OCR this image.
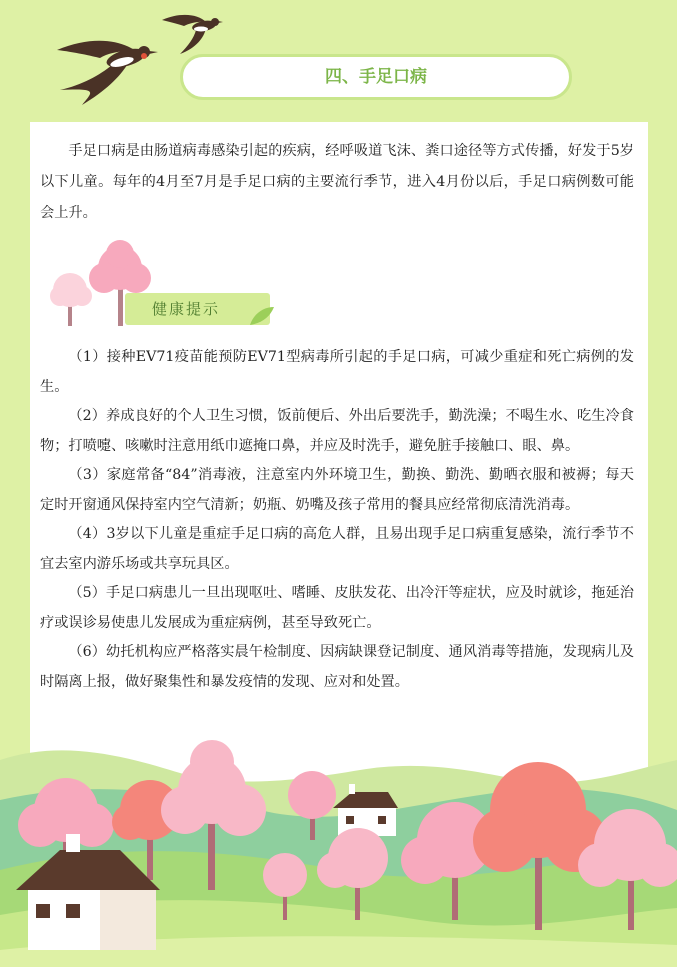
四、手足口病

手足口病是由肠道病毒感染引起的疾病，经呼吸道飞沫、粪口途径等方式传播，好发于5岁以下儿童。每年的4月至7月是手足口病的主要流行季节，进入4月份以后，手足口病例数可能会上升。

健康提示

（1）接种EV71疫苗能预防EV71型病毒所引起的手足口病，可减少重症和死亡病例的发生。

（2）养成良好的个人卫生习惯，饭前便后、外出后要洗手，勤洗澡；不喝生水、吃生冷食物；打喷嚏、咳嗽时注意用纸巾遮掩口鼻，并应及时洗手，避免脏手接触口、眼、鼻。

（3）家庭常备“84”消毒液，注意室内外环境卫生，勤换、勤洗、勤晒衣服和被褥；每天定时开窗通风保持室内空气清新；奶瓶、奶嘴及孩子常用的餐具应经常彻底清洗消毒。

（4）3岁以下儿童是重症手足口病的高危人群，且易出现手足口病重复感染，流行季节不宜去室内游乐场或共享玩具区。

（5）手足口病患儿一旦出现呕吐、嗜睡、皮肤发花、出冷汗等症状，应及时就诊，拖延治疗或误诊易使患儿发展成为重症病例，甚至导致死亡。

（6）幼托机构应严格落实晨午检制度、因病缺课登记制度、通风消毒等措施，发现病儿及时隔离上报，做好聚集性和暴发疫情的发现、应对和处置。
